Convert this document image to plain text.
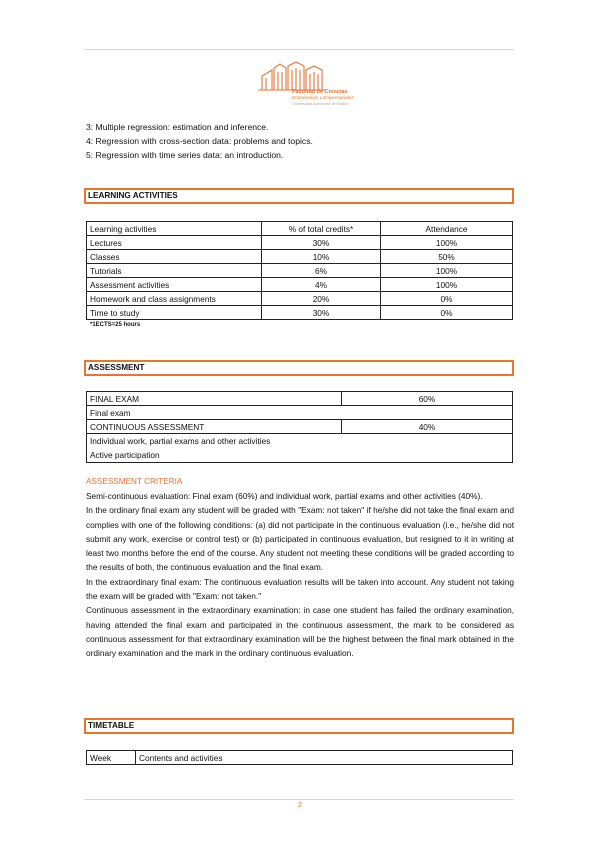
Facultad de Ciencias
Económicas y Empresariales
Universidad Autónoma de Madrid
3: Multiple regression: estimation and inference.
4: Regression with cross-section data: problems and topics.
5: Regression with time series data: an introduction.
LEARNING ACTIVITIES
Learning activities	% of total credits*	Attendance
Lectures	30%	100%
Classes	10%	50%
Tutorials	6%	100%
Assessment activities	4%	100%
Homework and class assignments	20%	0%
Time to study	30%	0%
*1ECTS=25 hours
ASSESSMENT
FINAL EXAM	60%
Final exam	
CONTINUOUS ASSESSMENT	40%

Individual work, partial exams and other activities
Active participation	
ASSESSMENT CRITERIA

Semi-continuous evaluation: Final exam (60%) and individual work, partial exams and other activities (40%).

In the ordinary final exam any student will be graded with "Exam: not taken" if he/she did not take the final exam and complies with one of the following conditions: (a) did not participate in the continuous evaluation (i.e., he/she did not submit any work, exercise or control test) or (b) participated in continuous evaluation, but resigned to it in writing at least two months before the end of the course. Any student not meeting these conditions will be graded according to the results of both, the continuous evaluation and the final exam.

In the extraordinary final exam: The continuous evaluation results will be taken into account. Any student not taking the exam will be graded with "Exam: not taken."

Continuous assessment in the extraordinary examination: in case one student has failed the ordinary examination, having attended the final exam and participated in the continuous assessment, the mark to be considered as continuous assessment for that extraordinary examination will be the highest between the final mark obtained in the ordinary examination and the mark in the ordinary continuous evaluation.

TIMETABLE
Week	Contents and activities
2
